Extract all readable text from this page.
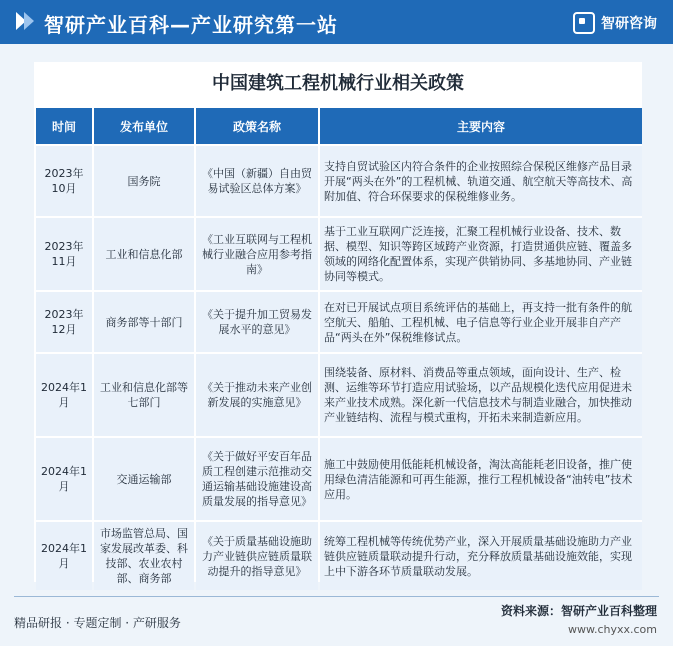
智研产业百科—产业研究第一站	智研咨询
中国建筑工程机械行业相关政策
时间	发布单位	政策名称	主要内容
2023年10月	国务院	《中国（新疆）自由贸易试验区总体方案》	支持自贸试验区内符合条件的企业按照综合保税区维修产品目录开展“两头在外”的工程机械、轨道交通、航空航天等高技术、高附加值、符合环保要求的保税维修业务。
2023年11月	工业和信息化部	《工业互联网与工程机械行业融合应用参考指南》	基于工业互联网广泛连接，汇聚工程机械行业设备、技术、数据、模型、知识等跨区域跨产业资源，打造贯通供应链、覆盖多领域的网络化配置体系，实现产供销协同、多基地协同、产业链协同等模式。
2023年12月	商务部等十部门	《关于提升加工贸易发展水平的意见》	在对已开展试点项目系统评估的基础上，再支持一批有条件的航空航天、船舶、工程机械、电子信息等行业企业开展非自产产品“两头在外”保税维修试点。
2024年1月	工业和信息化部等七部门	《关于推动未来产业创新发展的实施意见》	围绕装备、原材料、消费品等重点领域，面向设计、生产、检测、运维等环节打造应用试验场，以产品规模化迭代应用促进未来产业技术成熟。深化新一代信息技术与制造业融合，加快推动产业链结构、流程与模式重构，开拓未来制造新应用。
2024年1月	交通运输部	《关于做好平安百年品质工程创建示范推动交通运输基础设施建设高质量发展的指导意见》	施工中鼓励使用低能耗机械设备，淘汰高能耗老旧设备，推广使用绿色清洁能源和可再生能源，推行工程机械设备“油转电”技术应用。
2024年1月	市场监管总局、国家发展改革委、科技部、农业农村部、商务部	《关于质量基础设施助力产业链供应链质量联动提升的指导意见》	统筹工程机械等传统优势产业，深入开展质量基础设施助力产业链供应链质量联动提升行动，充分释放质量基础设施效能，实现上中下游各环节质量联动发展。
精品研报 · 专题定制 · 产研服务
资料来源：智研产业百科整理
www.chyxx.com
